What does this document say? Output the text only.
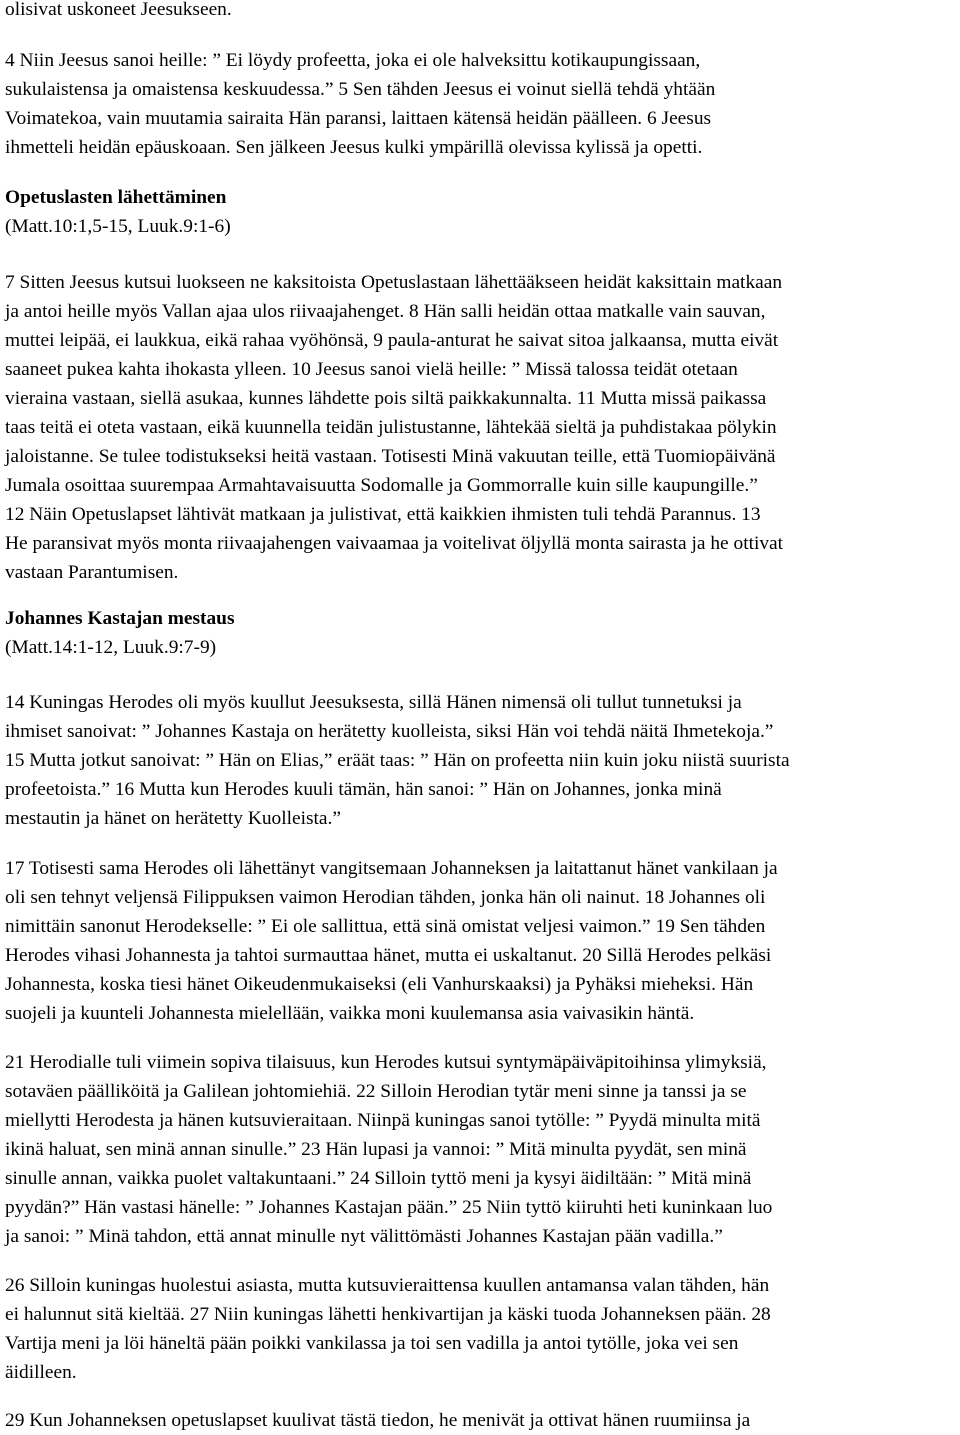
olisivat uskoneet Jeesukseen.
4 Niin Jeesus sanoi heille: ” Ei löydy profeetta, joka ei ole halveksittu kotikaupungissaan,
sukulaistensa ja omaistensa keskuudessa.” 5 Sen tähden Jeesus ei voinut siellä tehdä yhtään
Voimatekoa, vain muutamia sairaita Hän paransi, laittaen kätensä heidän päälleen. 6 Jeesus
ihmetteli heidän epäuskoaan. Sen jälkeen Jeesus kulki ympärillä olevissa kylissä ja opetti.
Opetuslasten lähettäminen
(Matt.10:1,5-15, Luuk.9:1-6)
7 Sitten Jeesus kutsui luokseen ne kaksitoista Opetuslastaan lähettääkseen heidät kaksittain matkaan
ja antoi heille myös Vallan ajaa ulos riivaajahenget. 8 Hän salli heidän ottaa matkalle vain sauvan,
muttei leipää, ei laukkua, eikä rahaa vyöhönsä, 9 paula-anturat he saivat sitoa jalkaansa, mutta eivät
saaneet pukea kahta ihokasta ylleen. 10 Jeesus sanoi vielä heille: ” Missä talossa teidät otetaan
vieraina vastaan, siellä asukaa, kunnes lähdette pois siltä paikkakunnalta. 11 Mutta missä paikassa
taas teitä ei oteta vastaan, eikä kuunnella teidän julistustanne, lähtekää sieltä ja puhdistakaa pölykin
jaloistanne. Se tulee todistukseksi heitä vastaan. Totisesti Minä vakuutan teille, että Tuomiopäivänä
Jumala osoittaa suurempaa Armahtavaisuutta Sodomalle ja Gommorralle kuin sille kaupungille.”
12 Näin Opetuslapset lähtivät matkaan ja julistivat, että kaikkien ihmisten tuli tehdä Parannus. 13
He paransivat myös monta riivaajahengen vaivaamaa ja voitelivat öljyllä monta sairasta ja he ottivat
vastaan Parantumisen.
Johannes Kastajan mestaus
(Matt.14:1-12, Luuk.9:7-9)
14 Kuningas Herodes oli myös kuullut Jeesuksesta, sillä Hänen nimensä oli tullut tunnetuksi ja
ihmiset sanoivat: ” Johannes Kastaja on herätetty kuolleista, siksi Hän voi tehdä näitä Ihmetekoja.”
15 Mutta jotkut sanoivat: ” Hän on Elias,” eräät taas: ” Hän on profeetta niin kuin joku niistä suurista
profeetoista.” 16 Mutta kun Herodes kuuli tämän, hän sanoi: ” Hän on Johannes, jonka minä
mestautin ja hänet on herätetty Kuolleista.”
17 Totisesti sama Herodes oli lähettänyt vangitsemaan Johanneksen ja laitattanut hänet vankilaan ja
oli sen tehnyt veljensä Filippuksen vaimon Herodian tähden, jonka hän oli nainut. 18 Johannes oli
nimittäin sanonut Herodekselle: ” Ei ole sallittua, että sinä omistat veljesi vaimon.” 19 Sen tähden
Herodes vihasi Johannesta ja tahtoi surmauttaa hänet, mutta ei uskaltanut. 20 Sillä Herodes pelkäsi
Johannesta, koska tiesi hänet Oikeudenmukaiseksi (eli Vanhurskaaksi) ja Pyhäksi mieheksi. Hän
suojeli ja kuunteli Johannesta mielellään, vaikka moni kuulemansa asia vaivasikin häntä.
21 Herodialle tuli viimein sopiva tilaisuus, kun Herodes kutsui syntymäpäiväpitoihinsa ylimyksiä,
sotaväen päälliköitä ja Galilean johtomiehiä. 22 Silloin Herodian tytär meni sinne ja tanssi ja se
miellytti Herodesta ja hänen kutsuvieraitaan. Niinpä kuningas sanoi tytölle: ” Pyydä minulta mitä
ikinä haluat, sen minä annan sinulle.” 23 Hän lupasi ja vannoi: ” Mitä minulta pyydät, sen minä
sinulle annan, vaikka puolet valtakuntaani.” 24 Silloin tyttö meni ja kysyi äidiltään: ” Mitä minä
pyydän?” Hän vastasi hänelle: ” Johannes Kastajan pään.” 25 Niin tyttö kiiruhti heti kuninkaan luo
ja sanoi: ” Minä tahdon, että annat minulle nyt välittömästi Johannes Kastajan pään vadilla.”
26 Silloin kuningas huolestui asiasta, mutta kutsuvieraittensa kuullen antamansa valan tähden, hän
ei halunnut sitä kieltää. 27 Niin kuningas lähetti henkivartijan ja käski tuoda Johanneksen pään. 28
Vartija meni ja löi häneltä pään poikki vankilassa ja toi sen vadilla ja antoi tytölle, joka vei sen
äidilleen.
29 Kun Johanneksen opetuslapset kuulivat tästä tiedon, he menivät ja ottivat hänen ruumiinsa ja
